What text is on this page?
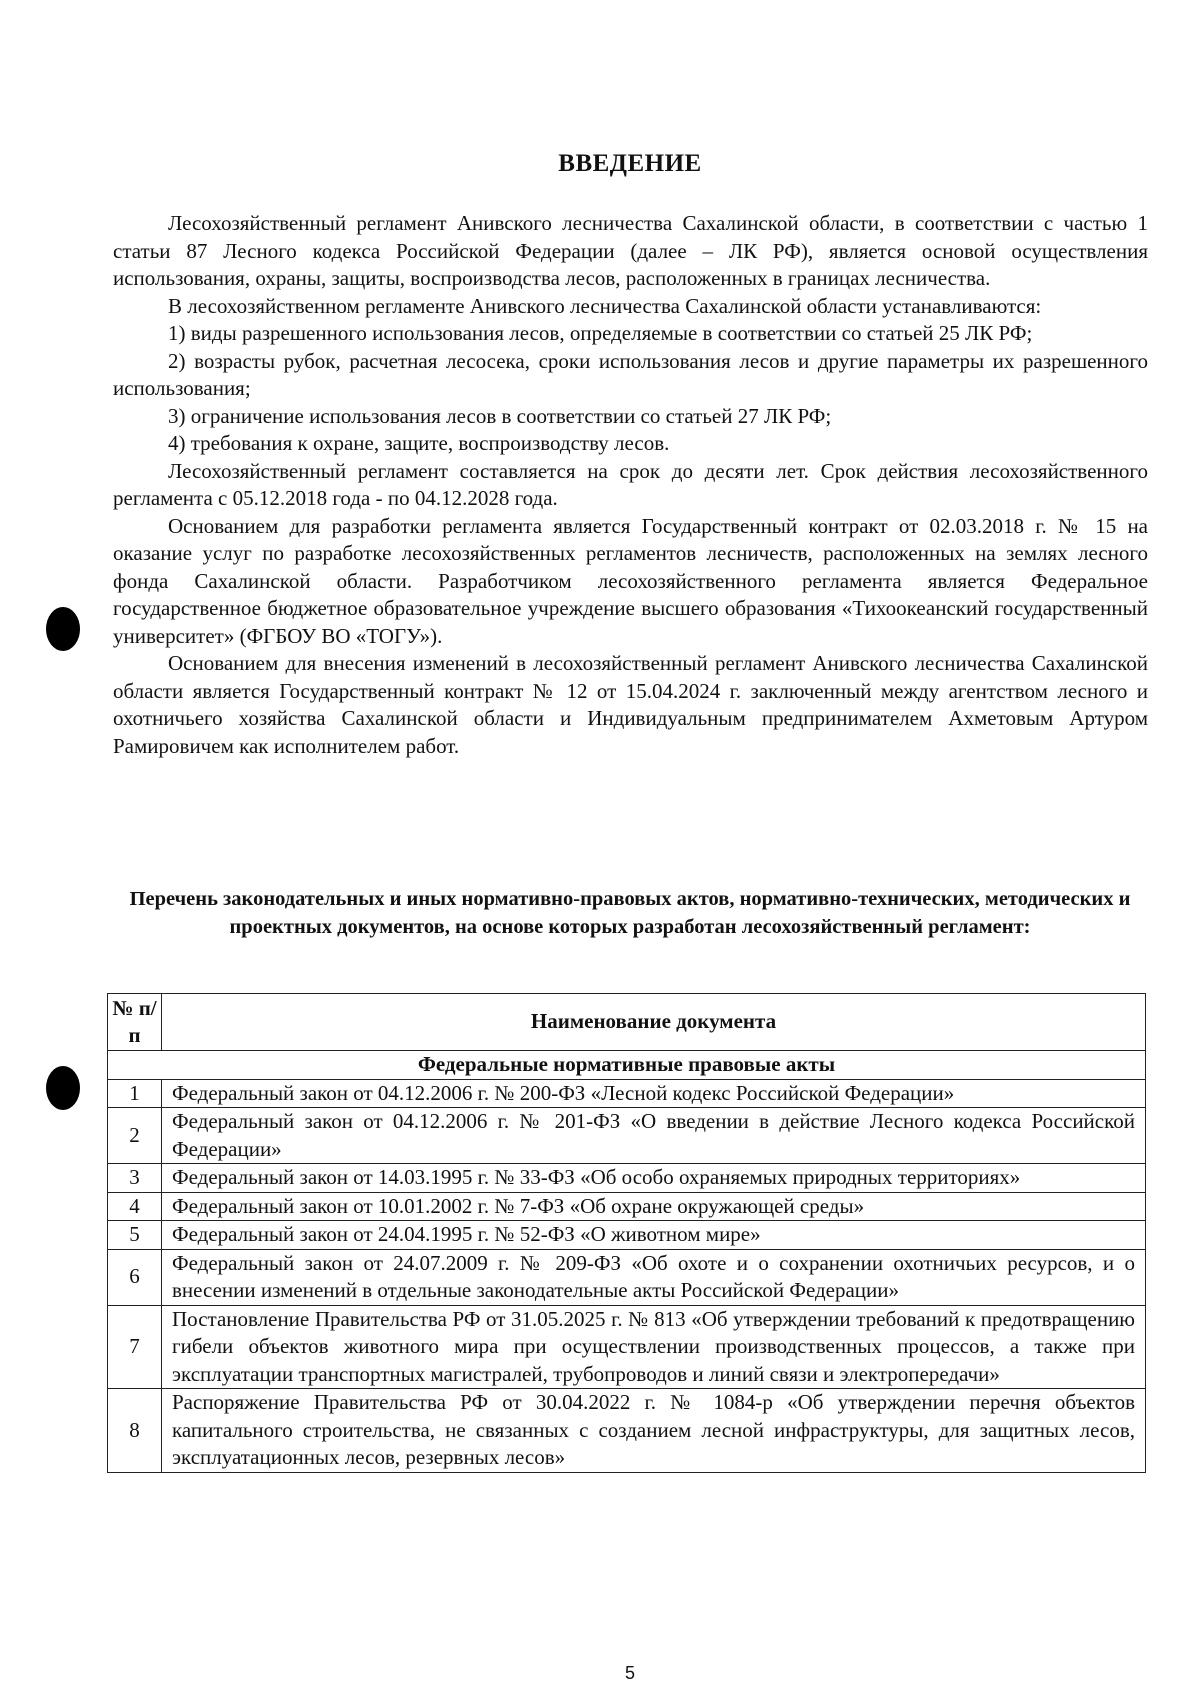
ВВЕДЕНИЕ

Лесохозяйственный регламент Анивского лесничества Сахалинской области, в соответствии с частью 1 статьи 87 Лесного кодекса Российской Федерации (далее – ЛК РФ), является основой осуществления использования, охраны, защиты, воспроизводства лесов, расположенных в границах лесничества.

В лесохозяйственном регламенте Анивского лесничества Сахалинской области устанавливаются:

1) виды разрешенного использования лесов, определяемые в соответствии со статьей 25 ЛК РФ;

2) возрасты рубок, расчетная лесосека, сроки использования лесов и другие параметры их разрешенного использования;

3) ограничение использования лесов в соответствии со статьей 27 ЛК РФ;

4) требования к охране, защите, воспроизводству лесов.

Лесохозяйственный регламент составляется на срок до десяти лет. Срок действия лесохозяйственного регламента с 05.12.2018 года - по 04.12.2028 года.

Основанием для разработки регламента является Государственный контракт от 02.03.2018 г. № 15 на оказание услуг по разработке лесохозяйственных регламентов лесничеств, расположенных на землях лесного фонда Сахалинской области. Разработчиком лесохозяйственного регламента является Федеральное государственное бюджетное образовательное учреждение высшего образования «Тихоокеанский государственный университет» (ФГБОУ ВО «ТОГУ»).

Основанием для внесения изменений в лесохозяйственный регламент Анивского лесничества Сахалинской области является Государственный контракт № 12 от 15.04.2024 г. заключенный между агентством лесного и охотничьего хозяйства Сахалинской области и Индивидуальным предпринимателем Ахметовым Артуром Рамировичем как исполнителем работ.

Перечень законодательных и иных нормативно-правовых актов, нормативно-технических, методических и проектных документов, на основе которых разработан лесохозяйственный регламент:
№ п/п	Наименование документа
Федеральные нормативные правовые акты	
1	Федеральный закон от 04.12.2006 г. № 200-ФЗ «Лесной кодекс Российской Федерации»
2	Федеральный закон от 04.12.2006 г. № 201-ФЗ «О введении в действие Лесного кодекса Российской Федерации»
3	Федеральный закон от 14.03.1995 г. № 33-ФЗ «Об особо охраняемых природных территориях»
4	Федеральный закон от 10.01.2002 г. № 7-ФЗ «Об охране окружающей среды»
5	Федеральный закон от 24.04.1995 г. № 52-ФЗ «О животном мире»
6	Федеральный закон от 24.07.2009 г. № 209-ФЗ «Об охоте и о сохранении охотничьих ресурсов, и о внесении изменений в отдельные законодательные акты Российской Федерации»
7	Постановление Правительства РФ от 31.05.2025 г. № 813 «Об утверждении требований к предотвращению гибели объектов животного мира при осуществлении производственных процессов, а также при эксплуатации транспортных магистралей, трубопроводов и линий связи и электропередачи»
8	Распоряжение Правительства РФ от 30.04.2022 г. № 1084-р «Об утверждении перечня объектов капитального строительства, не связанных с созданием лесной инфраструктуры, для защитных лесов, эксплуатационных лесов, резервных лесов»
5
